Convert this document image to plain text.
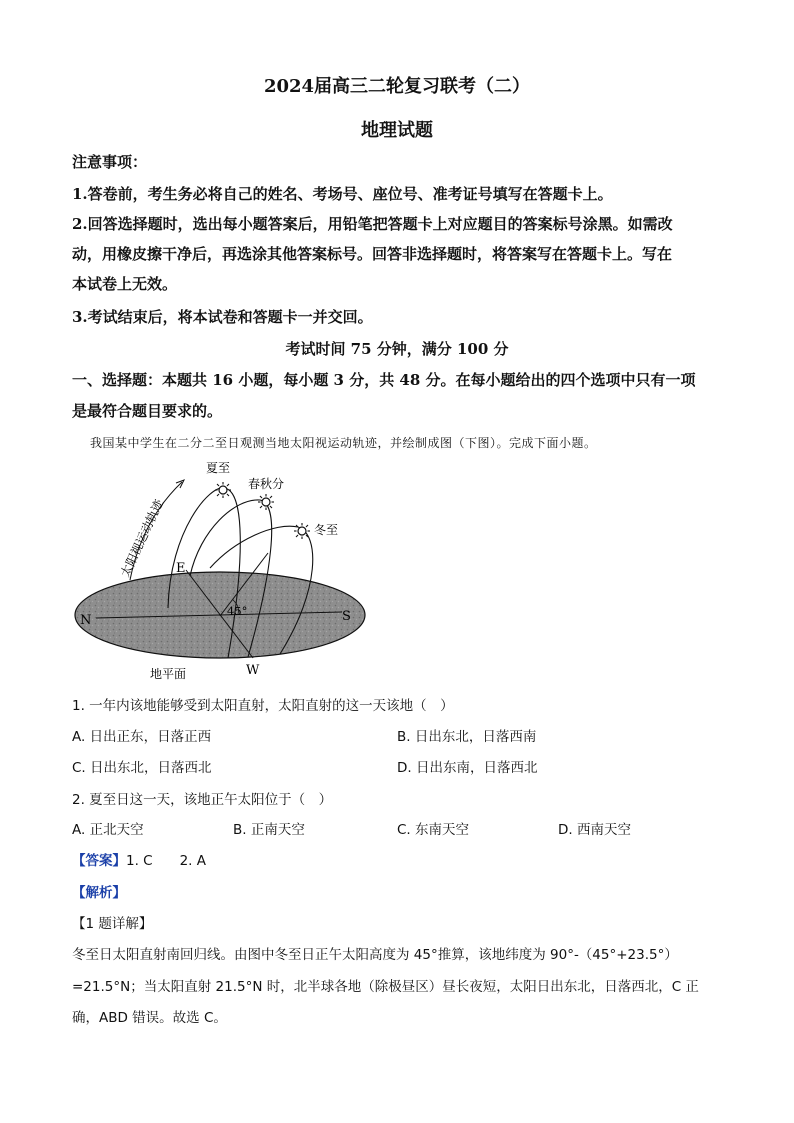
2024届高三二轮复习联考（二）
地理试题
注意事项：
1.答卷前，考生务必将自己的姓名、考场号、座位号、准考证号填写在答题卡上。
2.回答选择题时，选出每小题答案后，用铅笔把答题卡上对应题目的答案标号涂黑。如需改
动，用橡皮擦干净后，再选涂其他答案标号。回答非选择题时，将答案写在答题卡上。写在
本试卷上无效。
3.考试结束后，将本试卷和答题卡一并交回。
考试时间 75 分钟，满分 100 分
一、选择题：本题共 16 小题，每小题 3 分，共 48 分。在每小题给出的四个选项中只有一项
是最符合题目要求的。
我国某中学生在二分二至日观测当地太阳视运动轨迹，并绘制成图（下图）。完成下面小题。
太阳视运动轨迹
夏至
春秋分
冬至
E
N	S
W
45°
地平面
1. 一年内该地能够受到太阳直射，太阳直射的这一天该地（　）
A. 日出正东，日落正西	B. 日出东北，日落西南
C. 日出东北，日落西北	D. 日出东南，日落西北
2. 夏至日这一天，该地正午太阳位于（　）
A. 正北天空	B. 正南天空	C. 东南天空	D. 西南天空
【答案】1. C　　2. A
【解析】
【1 题详解】
冬至日太阳直射南回归线。由图中冬至日正午太阳高度为 45°推算，该地纬度为 90°-（45°+23.5°）
=21.5°N；当太阳直射 21.5°N 时，北半球各地（除极昼区）昼长夜短，太阳日出东北，日落西北，C 正
确，ABD 错误。故选 C。
